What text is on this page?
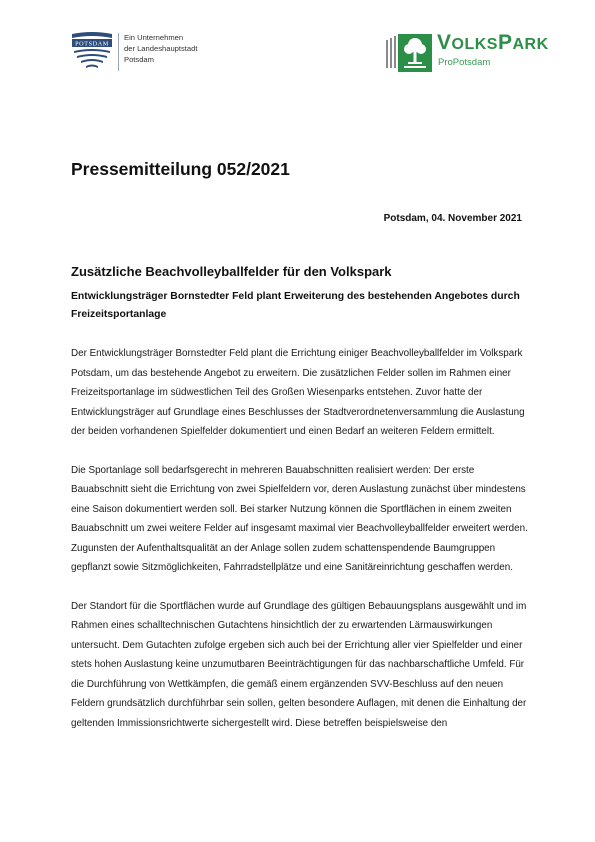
POTSDAM
Ein Unternehmen
der Landeshauptstadt
Potsdam
VOLKSPARK
ProPotsdam
Pressemitteilung 052/2021
Potsdam, 04. November 2021
Zusätzliche Beachvolleyballfelder für den Volkspark

Entwicklungsträger Bornstedter Feld plant Erweiterung des bestehenden Angebotes durch Freizeitsportanlage

Der Entwicklungsträger Bornstedter Feld plant die Errichtung einiger Beachvolleyballfelder im Volkspark Potsdam, um das bestehende Angebot zu erweitern. Die zusätzlichen Felder sollen im Rahmen einer Freizeitsportanlage im südwestlichen Teil des Großen Wiesenparks entstehen. Zuvor hatte der Entwicklungsträger auf Grundlage eines Beschlusses der Stadtverordnetenversammlung die Auslastung der beiden vorhandenen Spielfelder dokumentiert und einen Bedarf an weiteren Feldern ermittelt.

Die Sportanlage soll bedarfsgerecht in mehreren Bauabschnitten realisiert werden: Der erste Bauabschnitt sieht die Errichtung von zwei Spielfeldern vor, deren Auslastung zunächst über mindestens eine Saison dokumentiert werden soll. Bei starker Nutzung können die Sportflächen in einem zweiten Bauabschnitt um zwei weitere Felder auf insgesamt maximal vier Beachvolleyballfelder erweitert werden. Zugunsten der Aufenthaltsqualität an der Anlage sollen zudem schattenspendende Baumgruppen gepflanzt sowie Sitzmöglichkeiten, Fahrradstellplätze und eine Sanitäreinrichtung geschaffen werden.

Der Standort für die Sportflächen wurde auf Grundlage des gültigen Bebauungsplans ausgewählt und im Rahmen eines schalltechnischen Gutachtens hinsichtlich der zu erwartenden Lärmauswirkungen untersucht. Dem Gutachten zufolge ergeben sich auch bei der Errichtung aller vier Spielfelder und einer stets hohen Auslastung keine unzumutbaren Beeinträchtigungen für das nachbarschaftliche Umfeld. Für die Durchführung von Wettkämpfen, die gemäß einem ergänzenden SVV-Beschluss auf den neuen Feldern grundsätzlich durchführbar sein sollen, gelten besondere Auflagen, mit denen die Einhaltung der geltenden Immissionsrichtwerte sichergestellt wird. Diese betreffen beispielsweise den
